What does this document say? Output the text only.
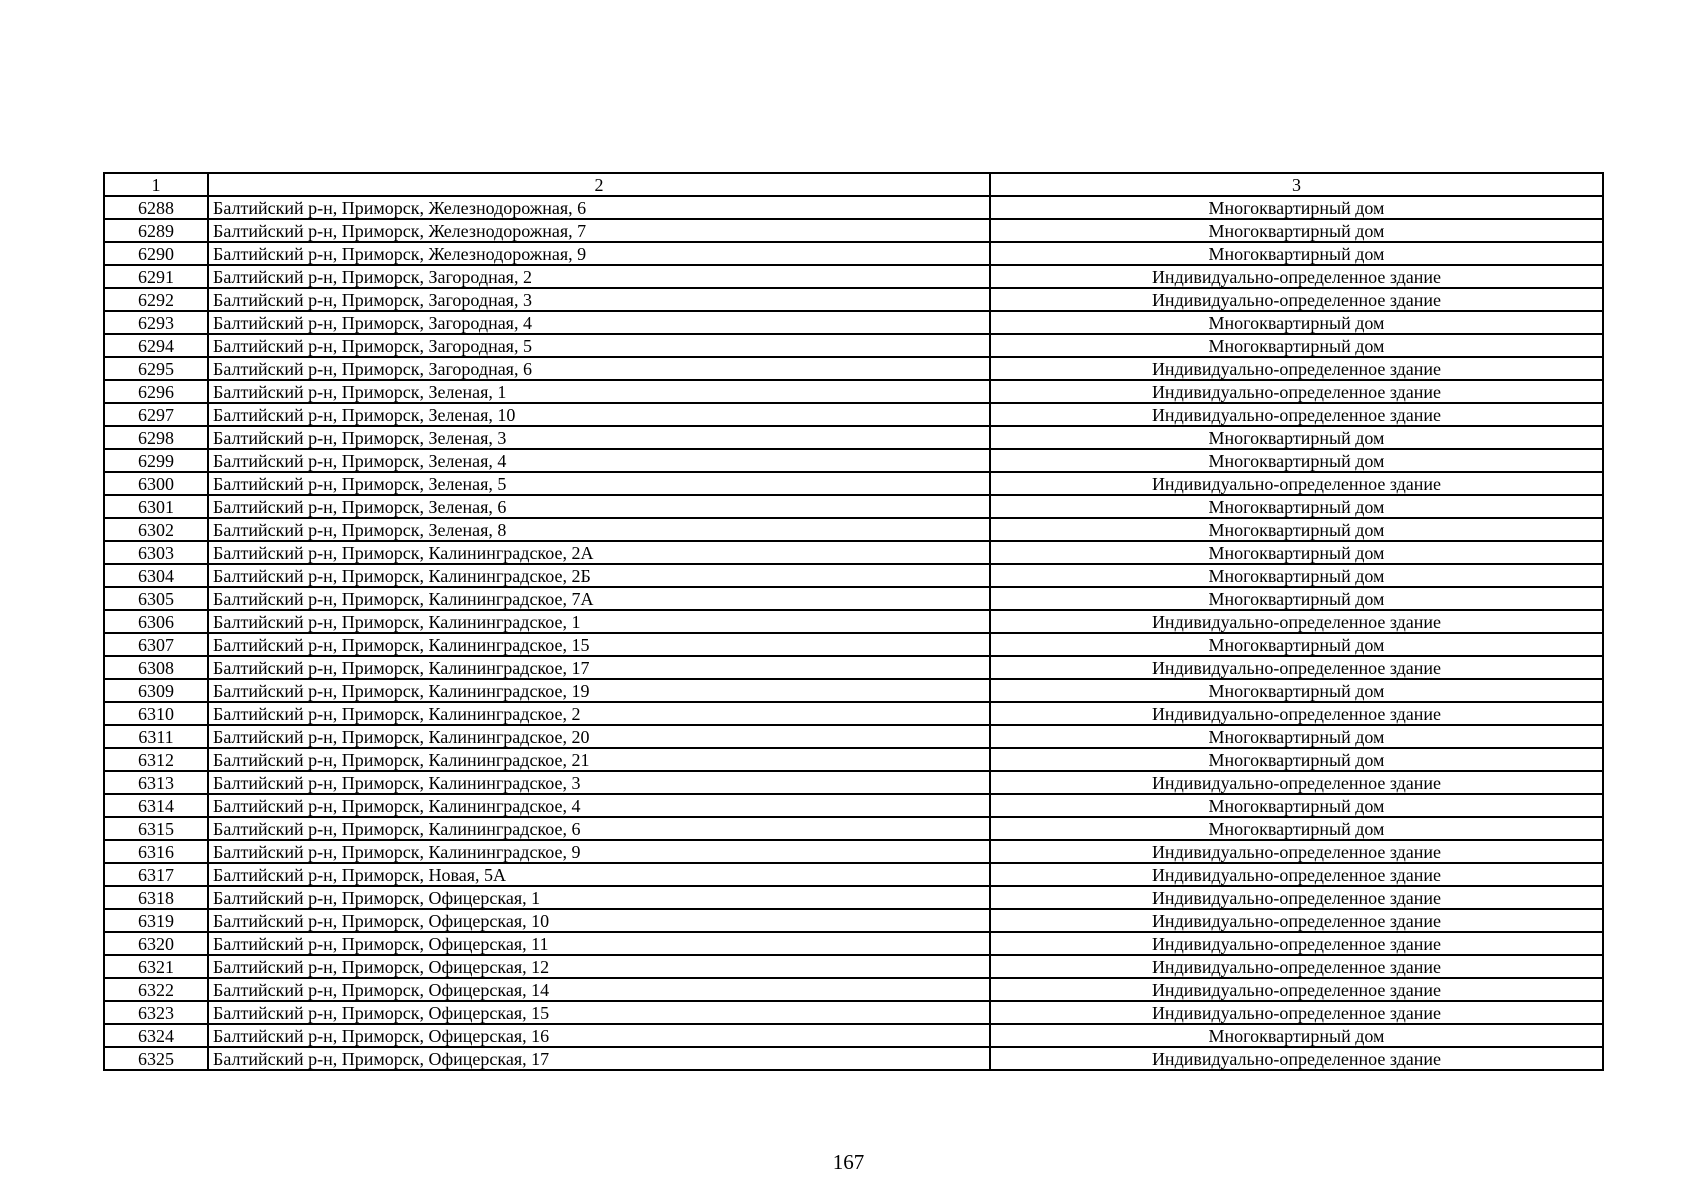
1	2	3
6288	Балтийский р-н, Приморск, Железнодорожная, 6	Многоквартирный дом
6289	Балтийский р-н, Приморск, Железнодорожная, 7	Многоквартирный дом
6290	Балтийский р-н, Приморск, Железнодорожная, 9	Многоквартирный дом
6291	Балтийский р-н, Приморск, Загородная, 2	Индивидуально-определенное здание
6292	Балтийский р-н, Приморск, Загородная, 3	Индивидуально-определенное здание
6293	Балтийский р-н, Приморск, Загородная, 4	Многоквартирный дом
6294	Балтийский р-н, Приморск, Загородная, 5	Многоквартирный дом
6295	Балтийский р-н, Приморск, Загородная, 6	Индивидуально-определенное здание
6296	Балтийский р-н, Приморск, Зеленая, 1	Индивидуально-определенное здание
6297	Балтийский р-н, Приморск, Зеленая, 10	Индивидуально-определенное здание
6298	Балтийский р-н, Приморск, Зеленая, 3	Многоквартирный дом
6299	Балтийский р-н, Приморск, Зеленая, 4	Многоквартирный дом
6300	Балтийский р-н, Приморск, Зеленая, 5	Индивидуально-определенное здание
6301	Балтийский р-н, Приморск, Зеленая, 6	Многоквартирный дом
6302	Балтийский р-н, Приморск, Зеленая, 8	Многоквартирный дом
6303	Балтийский р-н, Приморск, Калининградское, 2А	Многоквартирный дом
6304	Балтийский р-н, Приморск, Калининградское, 2Б	Многоквартирный дом
6305	Балтийский р-н, Приморск, Калининградское, 7А	Многоквартирный дом
6306	Балтийский р-н, Приморск, Калининградское, 1	Индивидуально-определенное здание
6307	Балтийский р-н, Приморск, Калининградское, 15	Многоквартирный дом
6308	Балтийский р-н, Приморск, Калининградское, 17	Индивидуально-определенное здание
6309	Балтийский р-н, Приморск, Калининградское, 19	Многоквартирный дом
6310	Балтийский р-н, Приморск, Калининградское, 2	Индивидуально-определенное здание
6311	Балтийский р-н, Приморск, Калининградское, 20	Многоквартирный дом
6312	Балтийский р-н, Приморск, Калининградское, 21	Многоквартирный дом
6313	Балтийский р-н, Приморск, Калининградское, 3	Индивидуально-определенное здание
6314	Балтийский р-н, Приморск, Калининградское, 4	Многоквартирный дом
6315	Балтийский р-н, Приморск, Калининградское, 6	Многоквартирный дом
6316	Балтийский р-н, Приморск, Калининградское, 9	Индивидуально-определенное здание
6317	Балтийский р-н, Приморск, Новая, 5А	Индивидуально-определенное здание
6318	Балтийский р-н, Приморск, Офицерская, 1	Индивидуально-определенное здание
6319	Балтийский р-н, Приморск, Офицерская, 10	Индивидуально-определенное здание
6320	Балтийский р-н, Приморск, Офицерская, 11	Индивидуально-определенное здание
6321	Балтийский р-н, Приморск, Офицерская, 12	Индивидуально-определенное здание
6322	Балтийский р-н, Приморск, Офицерская, 14	Индивидуально-определенное здание
6323	Балтийский р-н, Приморск, Офицерская, 15	Индивидуально-определенное здание
6324	Балтийский р-н, Приморск, Офицерская, 16	Многоквартирный дом
6325	Балтийский р-н, Приморск, Офицерская, 17	Индивидуально-определенное здание
167
